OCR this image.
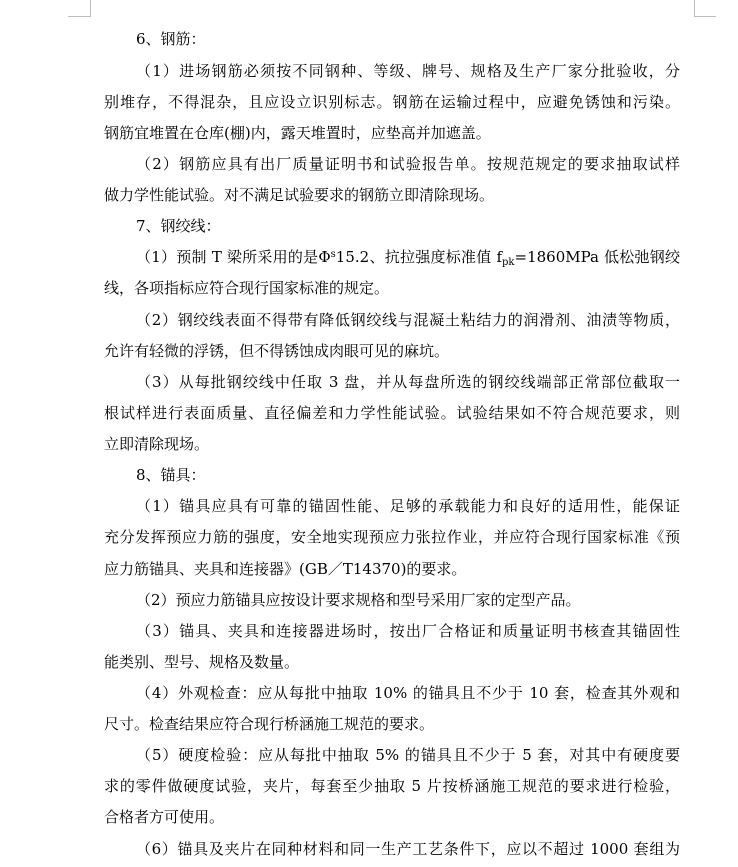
6、钢筋：
（1）进场钢筋必须按不同钢种、等级、牌号、规格及生产厂家分批验收，分
别堆存，不得混杂，且应设立识别标志。钢筋在运输过程中，应避免锈蚀和污染。
钢筋宜堆置在仓库(棚)内，露天堆置时，应垫高并加遮盖。
（2）钢筋应具有出厂质量证明书和试验报告单。按规范规定的要求抽取试样
做力学性能试验。对不满足试验要求的钢筋立即清除现场。
7、钢绞线：
（1）预制 T 梁所采用的是$\Phi^s15.2$、抗拉强度标准值 $f_{pk}=1860MPa$ 低松弛钢绞
线，各项指标应符合现行国家标准的规定。
（2）钢绞线表面不得带有降低钢绞线与混凝土粘结力的润滑剂、油渍等物质，
允许有轻微的浮锈，但不得锈蚀成肉眼可见的麻坑。
（3）从每批钢绞线中任取 3 盘，并从每盘所选的钢绞线端部正常部位截取一
根试样进行表面质量、直径偏差和力学性能试验。试验结果如不符合规范要求，则
立即清除现场。
8、锚具：
（1）锚具应具有可靠的锚固性能、足够的承载能力和良好的适用性，能保证
充分发挥预应力筋的强度，安全地实现预应力张拉作业，并应符合现行国家标准《预
应力筋锚具、夹具和连接器》(GB／T14370)的要求。
（2）预应力筋锚具应按设计要求规格和型号采用厂家的定型产品。
（3）锚具、夹具和连接器进场时，按出厂合格证和质量证明书核查其锚固性
能类别、型号、规格及数量。
（4）外观检查：应从每批中抽取 10% 的锚具且不少于 10 套，检查其外观和
尺寸。检查结果应符合现行桥涵施工规范的要求。
（5）硬度检验：应从每批中抽取 5% 的锚具且不少于 5 套，对其中有硬度要
求的零件做硬度试验，夹片，每套至少抽取 5 片按桥涵施工规范的要求进行检验，
合格者方可使用。
（6）锚具及夹片在同种材料和同一生产工艺条件下，应以不超过 1000 套组为
